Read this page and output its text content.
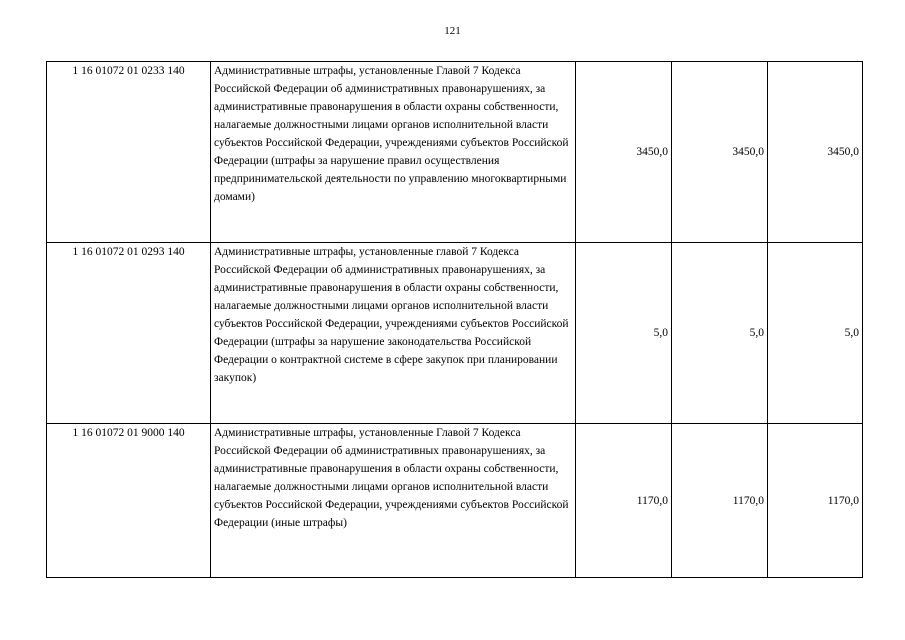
121
1 16 01072 01 0233 140	Административные штрафы, установленные Главой 7 Кодекса Российской Федерации об административных правонарушениях, за административные правонарушения в области охраны собственности, налагаемые должностными лицами органов исполнительной власти субъектов Российской Федерации, учреждениями субъектов Российской Федерации (штрафы за нарушение правил осуществления предпринимательской деятельности по управлению многоквартирными домами)	3450,0	3450,0	3450,0
1 16 01072 01 0293 140	Административные штрафы, установленные главой 7 Кодекса Российской Федерации об административных правонарушениях, за административные правонарушения в области охраны собственности, налагаемые должностными лицами органов исполнительной власти субъектов Российской Федерации, учреждениями субъектов Российской Федерации (штрафы за нарушение законодательства Российской Федерации о контрактной системе в сфере закупок при планировании закупок)	5,0	5,0	5,0
1 16 01072 01 9000 140	Административные штрафы, установленные Главой 7 Кодекса Российской Федерации об административных правонарушениях, за административные правонарушения в области охраны собственности, налагаемые должностными лицами органов исполнительной власти субъектов Российской Федерации, учреждениями субъектов Российской Федерации (иные штрафы)	1170,0	1170,0	1170,0
